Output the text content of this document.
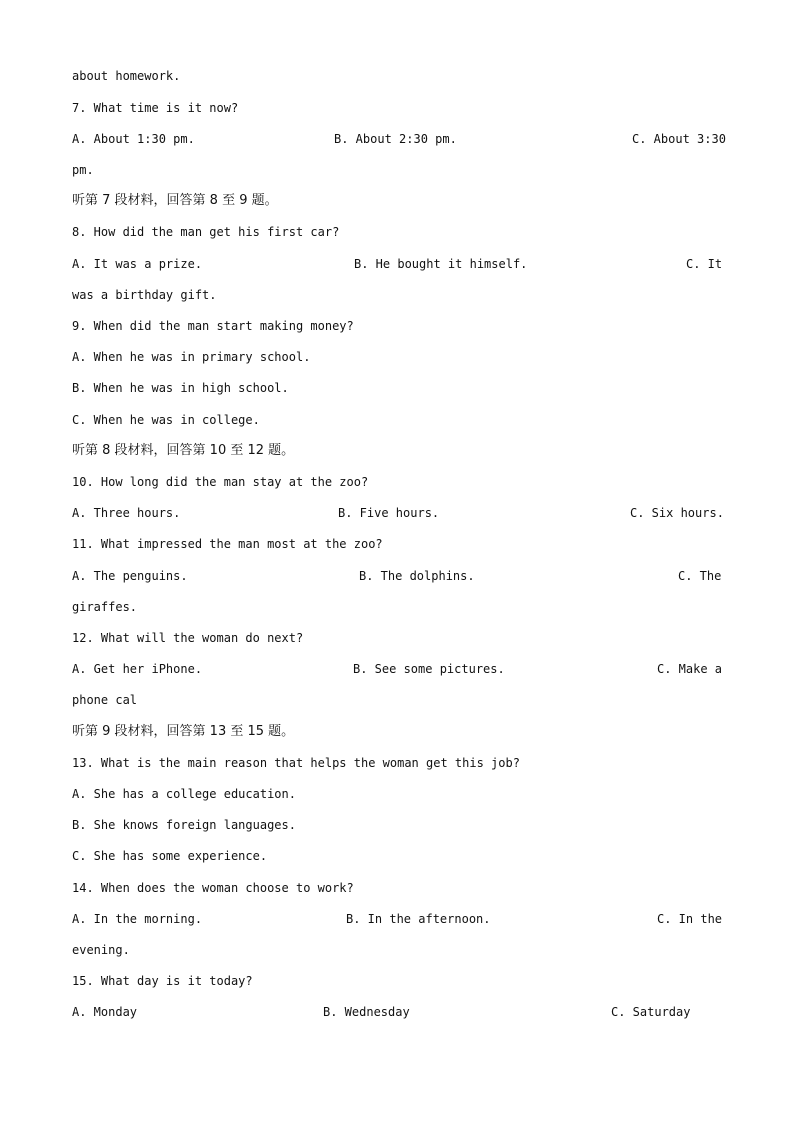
about homework.
7. What time is it now?
A. About 1:30 pm.	B. About 2:30 pm.	C. About 3:30
pm.
听第 7 段材料，回答第 8 至 9 题。
8. How did the man get his first car?
A. It was a prize.	B. He bought it himself.	C. It
was a birthday gift.
9. When did the man start making money?
A. When he was in primary school.
B. When he was in high school.
C. When he was in college.
听第 8 段材料，回答第 10 至 12 题。
10. How long did the man stay at the zoo?
A. Three hours.	B. Five hours.	C. Six hours.
11. What impressed the man most at the zoo?
A. The penguins.	B. The dolphins.	C. The
giraffes.
12. What will the woman do next?
A. Get her iPhone.	B. See some pictures.	C. Make a
phone cal
听第 9 段材料，回答第 13 至 15 题。
13. What is the main reason that helps the woman get this job?
A. She has a college education.
B. She knows foreign languages.
C. She has some experience.
14. When does the woman choose to work?
A. In the morning.	B. In the afternoon.	C. In the
evening.
15. What day is it today?
A. Monday	B. Wednesday	C. Saturday
